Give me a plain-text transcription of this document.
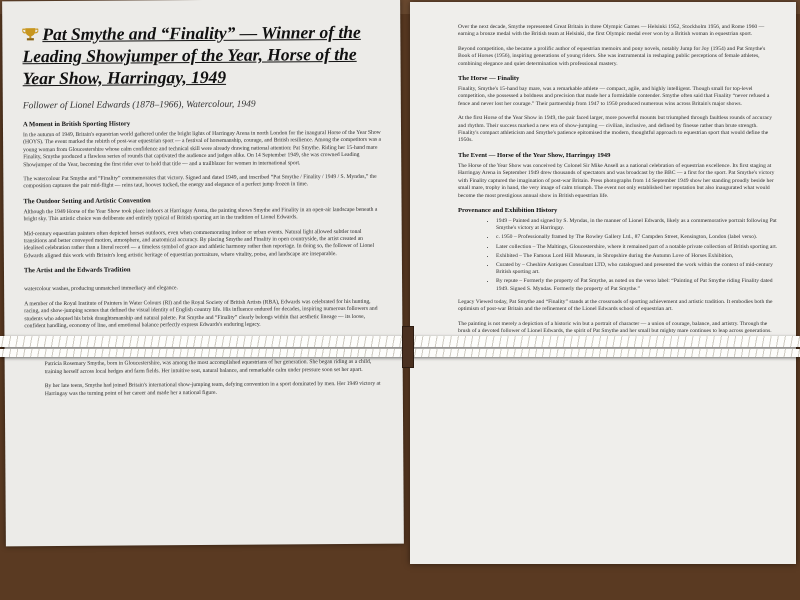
Pat Smythe and “Finality” — Winner of the Leading Showjumper of the Year, Horse of the Year Show, Harringay, 1949
Follower of Lionel Edwards (1878–1966), Watercolour, 1949
A Moment in British Sporting History

In the autumn of 1949, Britain's equestrian world gathered under the bright lights of Harringay Arena in north London for the inaugural Horse of the Year Show (HOYS). The event marked the rebirth of post-war equestrian sport — a festival of horsemanship, courage, and British resilience. Among the competitors was a young woman from Gloucestershire whose calm confidence and technical skill were already drawing national attention: Pat Smythe. Riding her 15-hand mare Finality, Smythe produced a flawless series of rounds that captivated the audience and judges alike. On 14 September 1949, she was crowned Leading Showjumper of the Year, becoming the first rider ever to hold that title — and a trailblazer for women in international sport.

The watercolour Pat Smythe and “Finality” commemorates that victory. Signed and dated 1949, and inscribed “Pat Smythe / Finality / 1949 / S. Myndas,” the composition captures the pair mid-flight — reins taut, hooves tucked, the energy and elegance of a perfect jump frozen in time.

The Outdoor Setting and Artistic Convention

Although the 1949 Horse of the Year Show took place indoors at Harringay Arena, the painting shows Smythe and Finality in an open-air landscape beneath a bright sky. This artistic choice was deliberate and entirely typical of British sporting art in the tradition of Lionel Edwards.

Mid-century equestrian painters often depicted horses outdoors, even when commemorating indoor or urban events. Natural light allowed subtler tonal transitions and better conveyed motion, atmosphere, and anatomical accuracy. By placing Smythe and Finality in open countryside, the artist created an idealised celebration rather than a literal record — a timeless symbol of grace and athletic harmony rather than reportage. In doing so, the follower of Lionel Edwards aligned this work with Britain's long artistic heritage of equestrian portraiture, where vitality, poise, and landscape are inseparable.

The Artist and the Edwards Tradition

watercolour washes, producing unmatched immediacy and elegance.

A member of the Royal Institute of Painters in Water Colours (RI) and the Royal Society of British Artists (RBA), Edwards was celebrated for his hunting, racing, and show-jumping scenes that defined the visual identity of English country life. His influence endured for decades, inspiring numerous followers and students who adopted his brisk draughtsmanship and natural palette. Pat Smythe and “Finality” clearly belongs within that aesthetic lineage — its loose, confident handling, economy of line, and emotional balance perfectly express Edwards's enduring legacy.

Patricia Rosemary Smythe, born in Gloucestershire, was among the most accomplished equestrians of her generation. She began riding as a child, training herself across local hedges and farm fields. Her intuitive seat, natural balance, and remarkable calm under pressure soon set her apart.

By her late teens, Smythe had joined Britain's international show-jumping team, defying convention in a sport dominated by men. Her 1949 victory at Harringay was the turning point of her career and made her a national figure.

Over the next decade, Smythe represented Great Britain in three Olympic Games — Helsinki 1952, Stockholm 1956, and Rome 1960 — earning a bronze medal with the British team at Helsinki, the first Olympic medal ever won by a British woman in equestrian sport.

Beyond competition, she became a prolific author of equestrian memoirs and pony novels, notably Jump for Joy (1954) and Pat Smythe's Book of Horses (1956), inspiring generations of young riders. She was instrumental in reshaping public perceptions of female athletes, combining elegance and quiet determination with professional mastery.

The Horse — Finality

Finality, Smythe's 15-hand bay mare, was a remarkable athlete — compact, agile, and highly intelligent. Though small for top-level competition, she possessed a boldness and precision that made her a formidable contender. Smythe often said that Finality “never refused a fence and never lost her courage.” Their partnership from 1947 to 1950 produced numerous wins across Britain's major shows.

At the first Horse of the Year Show in 1949, the pair faced larger, more powerful mounts but triumphed through faultless rounds of accuracy and rhythm. Their success marked a new era of show-jumping — civilian, inclusive, and defined by finesse rather than brute strength. Finality's compact athleticism and Smythe's patience epitomised the modern, thoughtful approach to equestrian sport that would define the 1950s.

The Event — Horse of the Year Show, Harringay 1949

The Horse of the Year Show was conceived by Colonel Sir Mike Ansell as a national celebration of equestrian excellence. Its first staging at Harringay Arena in September 1949 drew thousands of spectators and was broadcast by the BBC — a first for the sport. Pat Smythe's victory with Finality captured the imagination of post-war Britain. Press photographs from 14 September 1949 show her standing proudly beside her small mare, trophy in hand, the very image of calm triumph. The event not only established her reputation but also inaugurated what would become the most prestigious annual show in British equestrian life.

Provenance and Exhibition History
• 1949 – Painted and signed by S. Myndas, in the manner of Lionel Edwards, likely as a commemorative portrait following Pat Smythe's victory at Harringay.
• c. 1950 – Professionally framed by The Rowley Gallery Ltd., 87 Campden Street, Kensington, London (label verso).
• Later collection – The Maltings, Gloucestershire, where it remained part of a notable private collection of British sporting art.
• Exhibited – The Famous Lord Hill Museum, in Shropshire during the Autumn Love of Horses Exhibition,
• Curated by – Cheshire Antiques Consultant LTD, who catalogued and presented the work within the context of mid-century British sporting art.
• By repute – Formerly the property of Pat Smythe, as noted on the verso label: “Painting of Pat Smythe riding Finality dated 1949. Signed S. Myndas. Formerly the property of Pat Smythe.”

Legacy Viewed today, Pat Smythe and “Finality” stands at the crossroads of sporting achievement and artistic tradition. It embodies both the optimism of post-war Britain and the refinement of the Lionel Edwards school of equestrian art.

The painting is not merely a depiction of a historic win but a portrait of character — a union of courage, balance, and artistry. Through the brush of a devoted follower of Lionel Edwards, the spirit of Pat Smythe and her small but mighty mare continues to leap across generations.
